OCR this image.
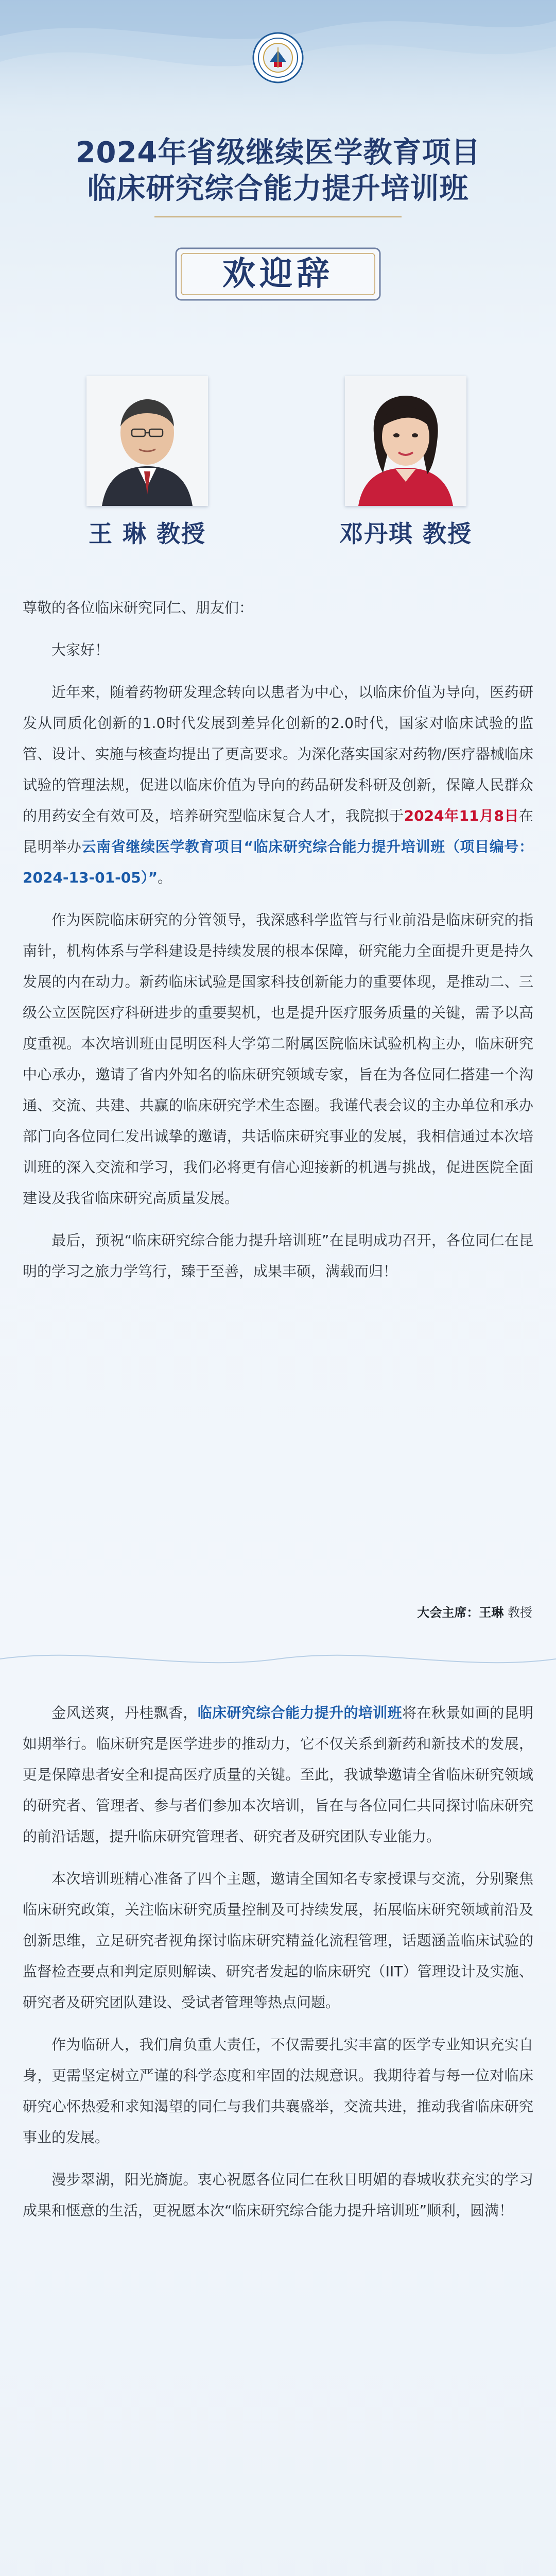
2024年省级继续医学教育项目

临床研究综合能力提升培训班

欢迎辞
王 琳 教授	邓丹琪 教授

尊敬的各位临床研究同仁、朋友们：

大家好！

近年来，随着药物研发理念转向以患者为中心，以临床价值为导向，医药研发从同质化创新的1.0时代发展到差异化创新的2.0时代，国家对临床试验的监管、设计、实施与核查均提出了更高要求。为深化落实国家对药物/医疗器械临床试验的管理法规，促进以临床价值为导向的药品研发科研及创新，保障人民群众的用药安全有效可及，培养研究型临床复合人才，我院拟于2024年11月8日在昆明举办云南省继续医学教育项目“临床研究综合能力提升培训班（项目编号：2024-13-01-05）”。

作为医院临床研究的分管领导，我深感科学监管与行业前沿是临床研究的指南针，机构体系与学科建设是持续发展的根本保障，研究能力全面提升更是持久发展的内在动力。新药临床试验是国家科技创新能力的重要体现，是推动二、三级公立医院医疗科研进步的重要契机，也是提升医疗服务质量的关键，需予以高度重视。本次培训班由昆明医科大学第二附属医院临床试验机构主办，临床研究中心承办，邀请了省内外知名的临床研究领域专家，旨在为各位同仁搭建一个沟通、交流、共建、共赢的临床研究学术生态圈。我谨代表会议的主办单位和承办部门向各位同仁发出诚挚的邀请，共话临床研究事业的发展，我相信通过本次培训班的深入交流和学习，我们必将更有信心迎接新的机遇与挑战，促进医院全面建设及我省临床研究高质量发展。

最后，预祝“临床研究综合能力提升培训班”在昆明成功召开，各位同仁在昆明的学习之旅力学笃行，臻于至善，成果丰硕，满载而归！

大会主席：王琳 教授

金风送爽，丹桂飘香，临床研究综合能力提升的培训班将在秋景如画的昆明如期举行。临床研究是医学进步的推动力，它不仅关系到新药和新技术的发展，更是保障患者安全和提高医疗质量的关键。至此，我诚挚邀请全省临床研究领域的研究者、管理者、参与者们参加本次培训，旨在与各位同仁共同探讨临床研究的前沿话题，提升临床研究管理者、研究者及研究团队专业能力。

本次培训班精心准备了四个主题，邀请全国知名专家授课与交流，分别聚焦临床研究政策，关注临床研究质量控制及可持续发展，拓展临床研究领域前沿及创新思维，立足研究者视角探讨临床研究精益化流程管理，话题涵盖临床试验的监督检查要点和判定原则解读、研究者发起的临床研究（IIT）管理设计及实施、研究者及研究团队建设、受试者管理等热点问题。

作为临研人，我们肩负重大责任，不仅需要扎实丰富的医学专业知识充实自身，更需坚定树立严谨的科学态度和牢固的法规意识。我期待着与每一位对临床研究心怀热爱和求知渴望的同仁与我们共襄盛举，交流共进，推动我省临床研究事业的发展。

漫步翠湖，阳光旖旎。衷心祝愿各位同仁在秋日明媚的春城收获充实的学习成果和惬意的生活，更祝愿本次“临床研究综合能力提升培训班”顺利，圆满！
